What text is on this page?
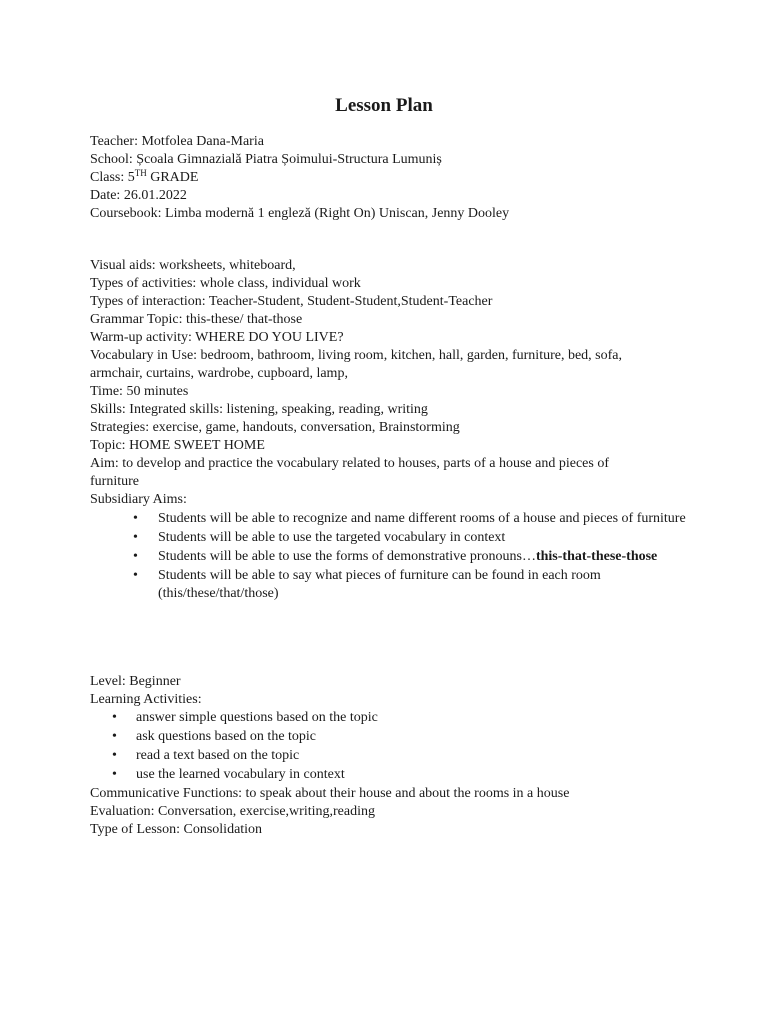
Lesson Plan
Teacher: Motfolea Dana-Maria
School: Școala Gimnazială Piatra Șoimului-Structura Lumuniș
Class: 5TH GRADE
Date: 26.01.2022
Coursebook: Limba modernă 1 engleză (Right On) Uniscan, Jenny Dooley
Visual aids: worksheets, whiteboard,
Types of activities: whole class, individual work
Types of interaction: Teacher-Student, Student-Student,Student-Teacher
Grammar Topic: this-these/ that-those
Warm-up activity: WHERE DO YOU LIVE?
Vocabulary in Use: bedroom, bathroom, living room, kitchen, hall, garden, furniture, bed, sofa,
armchair, curtains, wardrobe, cupboard, lamp,
Time: 50 minutes
Skills: Integrated skills: listening, speaking, reading, writing
Strategies: exercise, game, handouts, conversation, Brainstorming
Topic: HOME SWEET HOME
Aim: to develop and practice the vocabulary related to houses, parts of a house and pieces of
furniture
Subsidiary Aims:
• Students will be able to recognize and name different rooms of a house and pieces of furniture
• Students will be able to use the targeted vocabulary in context
• Students will be able to use the forms of demonstrative pronouns…this-that-these-those
• Students will be able to say what pieces of furniture can be found in each room (this/these/that/those)
Level: Beginner
Learning Activities:
• answer simple questions based on the topic
• ask questions based on the topic
• read a text based on the topic
• use the learned vocabulary in context
Communicative Functions: to speak about their house and about the rooms in a house
Evaluation: Conversation, exercise,writing,reading
Type of Lesson: Consolidation
